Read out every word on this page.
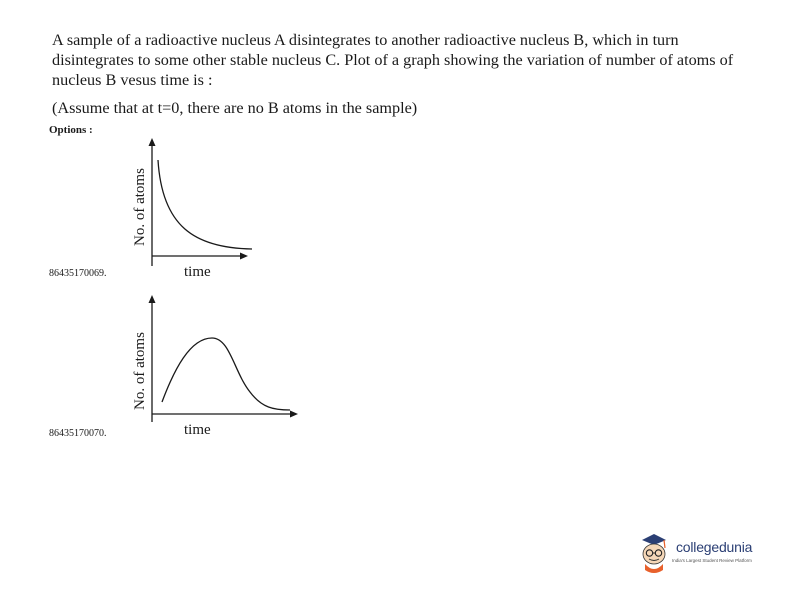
A sample of a radioactive nucleus A disintegrates to another radioactive nucleus B, which in turn disintegrates to some other stable nucleus C. Plot of a graph showing the variation of number of atoms of nucleus B vesus time is :

(Assume that at t=0, there are no B atoms in the sample)

Options :
86435170069.
86435170070.
time
No. of atoms
time
No. of atoms
collegedunia
India's Largest Student Review Platform
